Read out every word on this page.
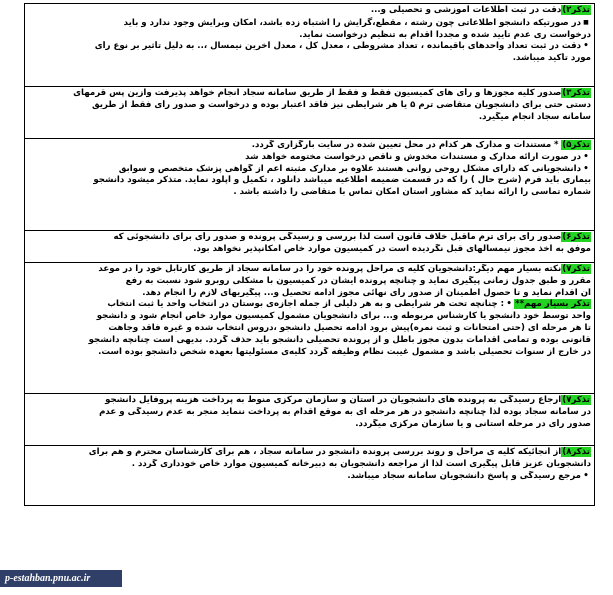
تذکر۲)دقت در ثبت اطلاعات آموزشی و تحصیلی و...
■در صورتیکه دانشجو اطلاعاتی چون رشته ، مقطع،گرایش را اشتباه زده باشد، امکان ویرایش وجود ندارد و باید
درخواست ری عدم تأیید شده و مجدداً اقدام به تنظیم درخواست نماید.
•دقت در ثبت تعداد واحدهای باقیمانده ، تعداد مشروطی ، معدل کل ، معدل آخرین نیمسال ،.. به دلیل تأثیر بر نوع رأی
مورد تأکید میباشد.
تذکر۳)صدور کلیه مجوزها و رأی های کمیسیون فقط و فقط از طریق سامانه سجاد انجام خواهد پذیرفت وازین پس قرمهای
دستی حتی برای دانشجویان متقاضی ترم ۵ یا هر شرایطی نیز فاقد اعتبار بوده و درخواست و صدور رأی فقط از طریق
سامانه سجاد انجام میگیرد.
تذکر۵)*مستندات و مدارک هر کدام در محل تعیین شده در سایت بارگزاری گردد.
•در صورت ارائه مدارک و مستندات مخدوش و ناقص درخواست مختومه خواهد شد
•دانشجویانی که دارای مشکل روحی روانی هستند علاوه بر مدارک مثبته اعم از گواهی پزشک متخصص و سوابق
بیماری باید فرم (شرح حال ) را که در قسمت ضمیمه اطلاعیه میباشد دانلود ، تکمیل و آپلود نماید. متذکر میشود دانشجو
شماره تماسی را ارائه نماید که مشاور استان امکان تماس با متقاضی را داشته باشد .
تذکر۶)صدور رأی برای ترم ماقبل خلاف قانون است لذا بررسی و رسیدگی پرونده و صدور رأی برای دانشجوئی که
موفق به اخذ مجوز نیمسالهای قبل نگردیده است در کمیسیون موارد خاص امکانپذیر نخواهد بود.
تذکر۷)نکته بسیار مهم دیگر:دانشجویان کلیه ی مراحل پرونده خود را در سامانه سجاد از طریق کارتابل خود را در موعد
مقرر و طبق جدول زمانی پیگیری نماید و چنانچه پرونده ایشان در کمیسیون با مشکلی روبرو شود نسبت به رفع
آن اقدام نماید و تا حصول اطمینان از صدور رأی نهائی مجوز ادامه تحصیل و... پیگیریهای لازم را انجام دهد.
تذکر بسیار مهم**•: چنانچه تحت هر شرایطی و به هر دلیلی از جمله اجازه‌ی بوستان در انتخاب واحد یا ثبت انتخاب
واحد توسط خود دانشجو یا کارشناس مربوطه و... برای دانشجویان مشمول کمیسیون موارد خاص انجام شود و دانشجو
تا هر مرحله ای (حتی امتحانات و ثبت نمره)پیش برود ادامه تحصیل دانشجو ،دروس انتخاب شده و غیره فاقد وجاهت
قانونی بوده و تمامی اقدامات بدون مجوز باطل و از پرونده تحصیلی دانشجو باید حذف گردد. بدیهی است چنانچه دانشجو
در خارج از سنوات تحصیلی باشد و مشمول غیبت نظام وظیفه گردد کلیه‌ی مسئولیتها بعهده شخص دانشجو بوده است.
تذکر۷)ارجاع رسیدگی به پرونده های دانشجویان در استان و سازمان مرکزی منوط به پرداخت هزینه پروفایل دانشجو
در سامانه سجاد بوده لذا چنانچه دانشجو در هر مرحله ای به موقع اقدام به پرداخت ننماید منجر به عدم رسیدگی و عدم
صدور رأی در مرحله استانی و یا سازمان مرکزی میگردد.
تذکر۸)از آنجائیکه کلیه ی مراحل و روند بررسی پرونده دانشجو در سامانه سجاد ، هم برای کارشناسان محترم و هم برای
دانشجویان عزیز قابل پیگیری است لذا از مراجعه دانشجویان به دبیرخانه کمیسیون موارد خاص خودداری گردد .
•مرجع رسیدگی و پاسخ دانشجویان سامانه سجاد میباشد.
p-estahban.pnu.ac.ir
